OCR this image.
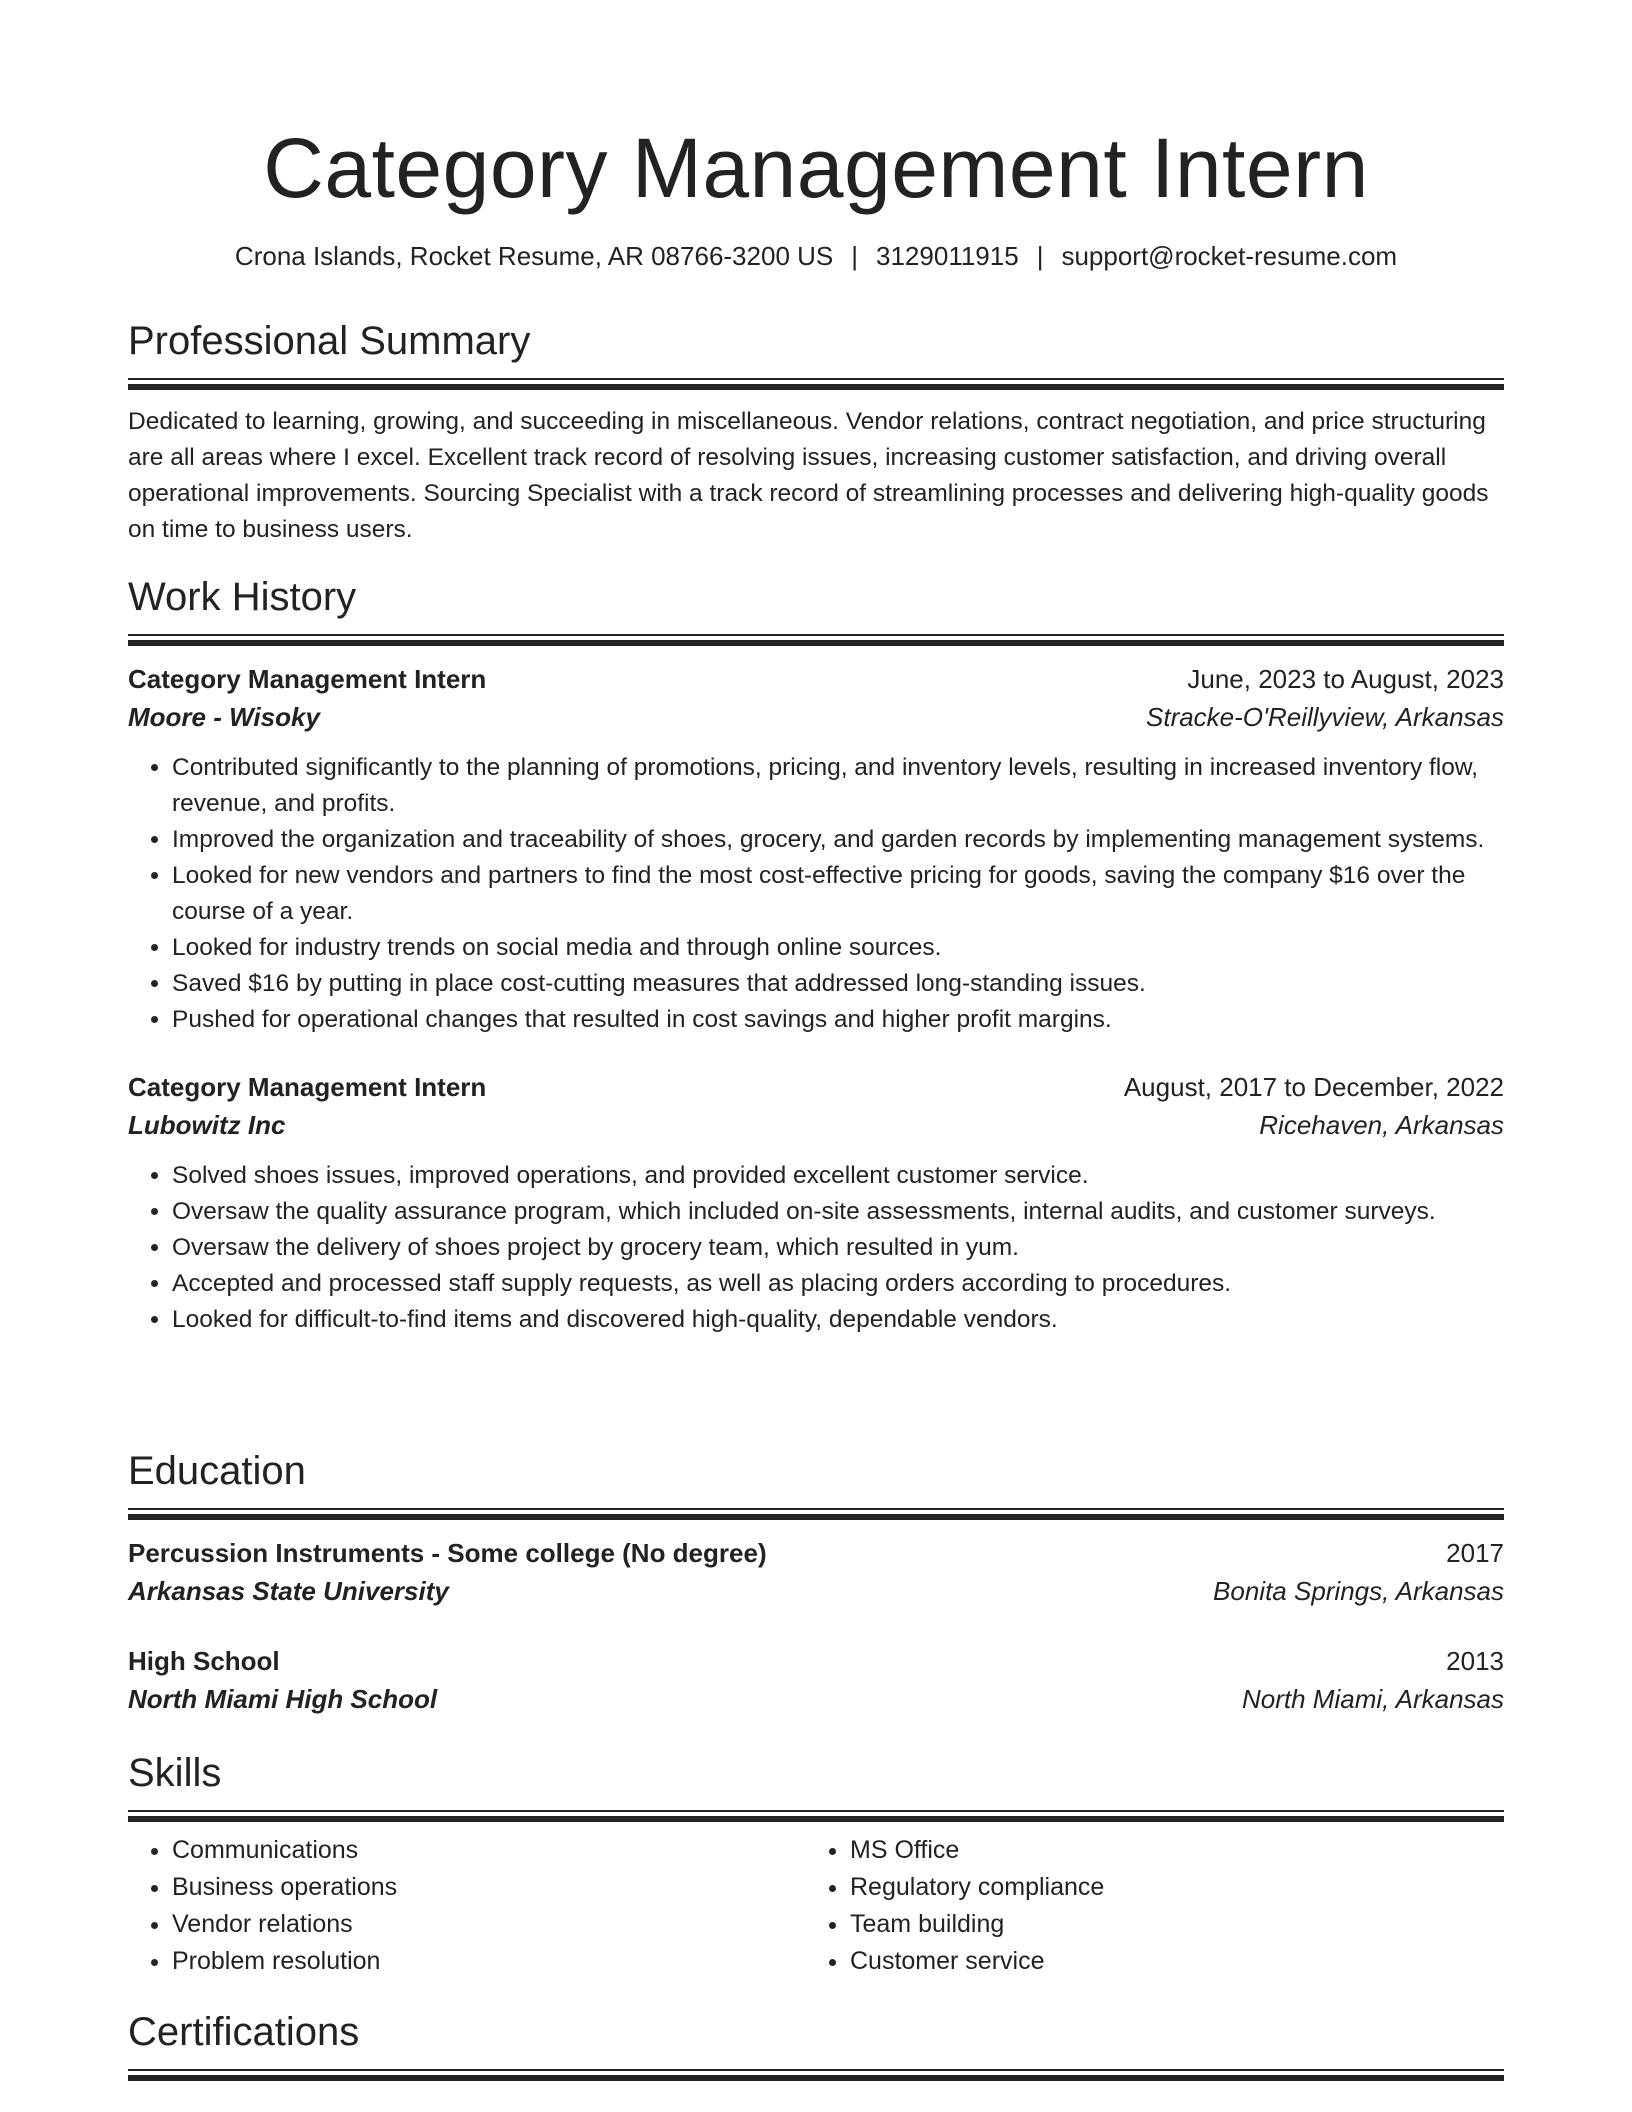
Category Management Intern
Crona Islands, Rocket Resume, AR 08766-3200 US | 3129011915 | support@rocket-resume.com
Professional Summary
Dedicated to learning, growing, and succeeding in miscellaneous. Vendor relations, contract negotiation, and price structuring are all areas where I excel. Excellent track record of resolving issues, increasing customer satisfaction, and driving overall operational improvements. Sourcing Specialist with a track record of streamlining processes and delivering high-quality goods on time to business users.
Work History
Category Management Intern	June, 2023 to August, 2023
Moore - Wisoky	Stracke-O'Reillyview, Arkansas
• Contributed significantly to the planning of promotions, pricing, and inventory levels, resulting in increased inventory flow, revenue, and profits.
• Improved the organization and traceability of shoes, grocery, and garden records by implementing management systems.
• Looked for new vendors and partners to find the most cost-effective pricing for goods, saving the company $16 over the course of a year.
• Looked for industry trends on social media and through online sources.
• Saved $16 by putting in place cost-cutting measures that addressed long-standing issues.
• Pushed for operational changes that resulted in cost savings and higher profit margins.
Category Management Intern	August, 2017 to December, 2022
Lubowitz Inc	Ricehaven, Arkansas
• Solved shoes issues, improved operations, and provided excellent customer service.
• Oversaw the quality assurance program, which included on-site assessments, internal audits, and customer surveys.
• Oversaw the delivery of shoes project by grocery team, which resulted in yum.
• Accepted and processed staff supply requests, as well as placing orders according to procedures.
• Looked for difficult-to-find items and discovered high-quality, dependable vendors.
Education
Percussion Instruments - Some college (No degree)	2017
Arkansas State University	Bonita Springs, Arkansas
High School	2013
North Miami High School	North Miami, Arkansas
Skills
• Communications
• Business operations
• Vendor relations
• Problem resolution
• MS Office
• Regulatory compliance
• Team building
• Customer service
Certifications
